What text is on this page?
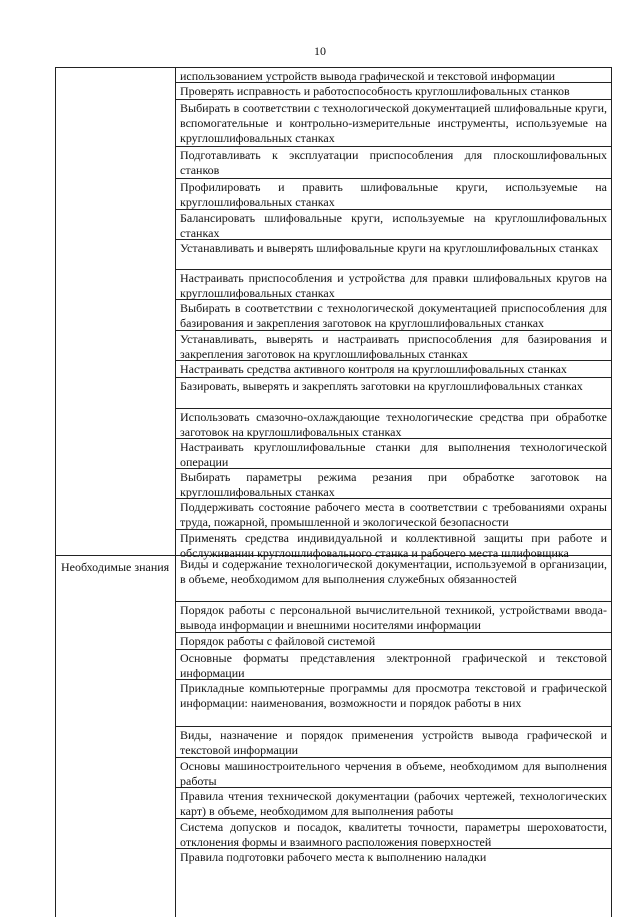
10
Необходимые знания
использованием устройств вывода графической и текстовой информации
Проверять исправность и работоспособность круглошлифовальных станков
Выбирать в соответствии с технологической документацией шлифовальные круги, вспомогательные и контрольно-измерительные инструменты, используемые на круглошлифовальных станках
Подготавливать к эксплуатации приспособления для плоскошлифовальных станков
Профилировать и править шлифовальные круги, используемые на круглошлифовальных станках
Балансировать шлифовальные круги, используемые на круглошлифовальных станках
Устанавливать и выверять шлифовальные круги на круглошлифовальных станках
Настраивать приспособления и устройства для правки шлифовальных кругов на круглошлифовальных станках
Выбирать в соответствии с технологической документацией приспособления для базирования и закрепления заготовок на круглошлифовальных станках
Устанавливать, выверять и настраивать приспособления для базирования и закрепления заготовок на круглошлифовальных станках
Настраивать средства активного контроля на круглошлифовальных станках
Базировать, выверять и закреплять заготовки на круглошлифовальных станках
Использовать смазочно-охлаждающие технологические средства при обработке заготовок на круглошлифовальных станках
Настраивать круглошлифовальные станки для выполнения технологической операции
Выбирать параметры режима резания при обработке заготовок на круглошлифовальных станках
Поддерживать состояние рабочего места в соответствии с требованиями охраны труда, пожарной, промышленной и экологической безопасности
Применять средства индивидуальной и коллективной защиты при работе и обслуживании круглошлифовального станка и рабочего места шлифовщика
Виды и содержание технологической документации, используемой в организации, в объеме, необходимом для выполнения служебных обязанностей
Порядок работы с персональной вычислительной техникой, устройствами ввода-вывода информации и внешними носителями информации
Порядок работы с файловой системой
Основные форматы представления электронной графической и текстовой информации
Прикладные компьютерные программы для просмотра текстовой и графической информации: наименования, возможности и порядок работы в них
Виды, назначение и порядок применения устройств вывода графической и текстовой информации
Основы машиностроительного черчения в объеме, необходимом для выполнения работы
Правила чтения технической документации (рабочих чертежей, технологических карт) в объеме, необходимом для выполнения работы
Система допусков и посадок, квалитеты точности, параметры шероховатости, отклонения формы и взаимного расположения поверхностей
Правила подготовки рабочего места к выполнению наладки
